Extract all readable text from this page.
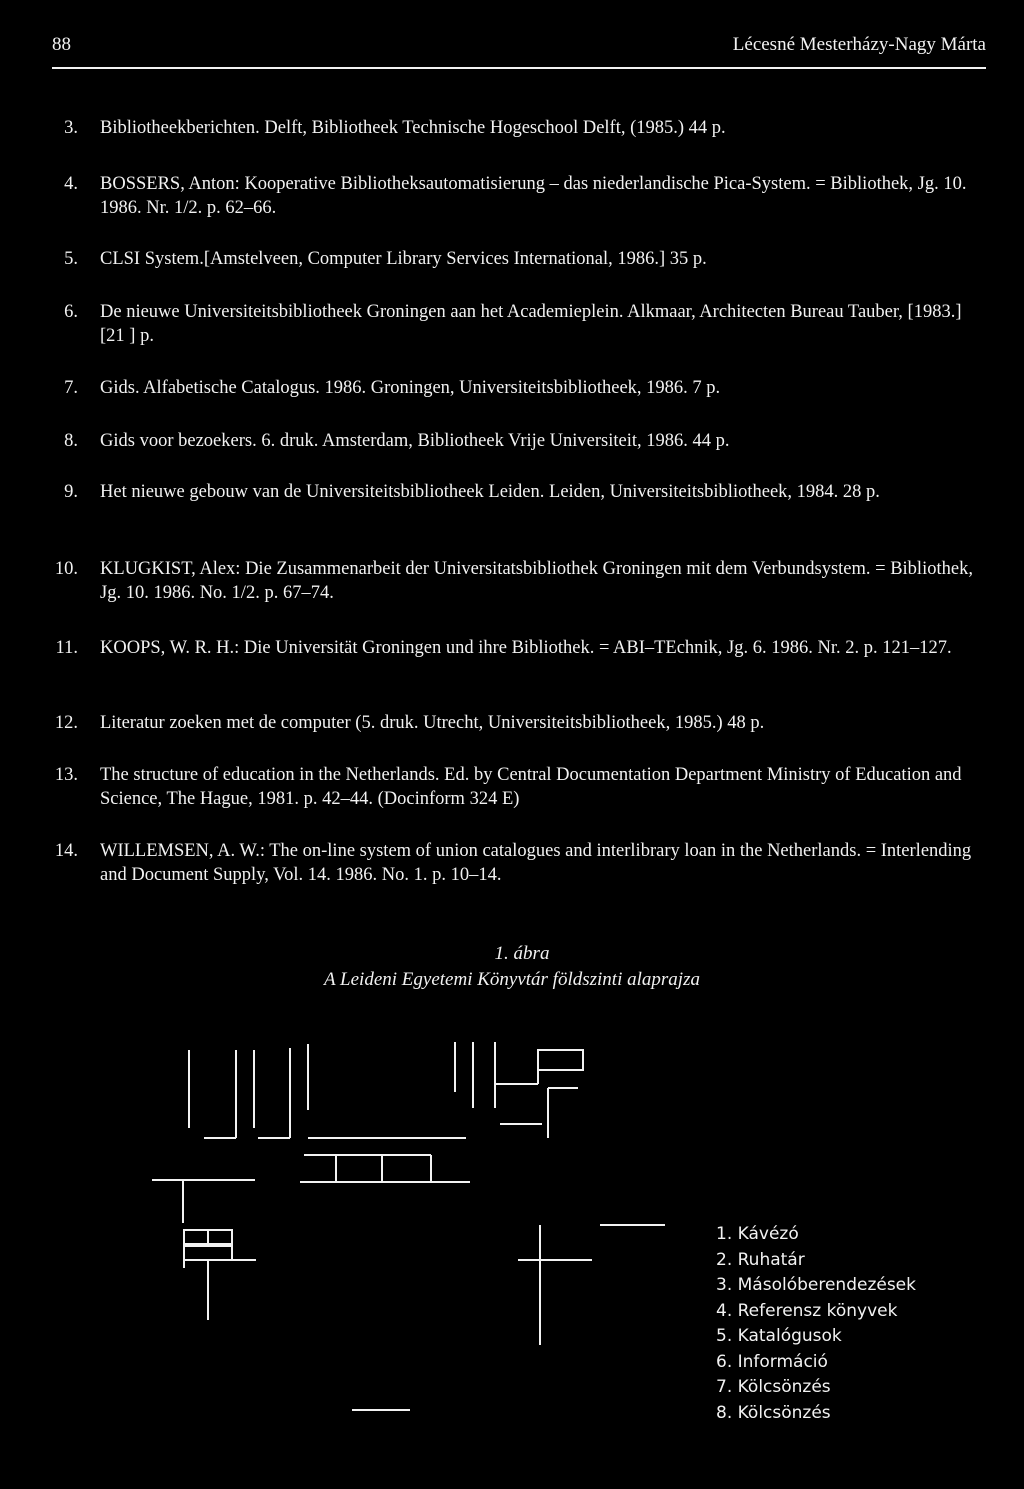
88	Lécesné Mesterházy-Nagy Márta
3. Bibliotheekberichten. Delft, Bibliotheek Technische Hogeschool Delft, (1985.) 44 p.
4. BOSSERS, Anton: Kooperative Bibliotheksautomatisierung – das niederlandische Pica-System. = Bibliothek, Jg. 10. 1986. Nr. 1/2. p. 62–66.
5. CLSI System.[Amstelveen, Computer Library Services International, 1986.] 35 p.
6. De nieuwe Universiteitsbibliotheek Groningen aan het Academieplein. Alkmaar, Architecten Bureau Tauber, [1983.] [21 ] p.
7. Gids. Alfabetische Catalogus. 1986. Groningen, Universiteitsbibliotheek, 1986. 7 p.
8. Gids voor bezoekers. 6. druk. Amsterdam, Bibliotheek Vrije Universiteit, 1986. 44 p.
9. Het nieuwe gebouw van de Universiteitsbibliotheek Leiden. Leiden, Universiteitsbibliotheek, 1984. 28 p.
10. KLUGKIST, Alex: Die Zusammenarbeit der Universitatsbibliothek Groningen mit dem Verbundsystem. = Bibliothek, Jg. 10. 1986. No. 1/2. p. 67–74.
11. KOOPS, W. R. H.: Die Universität Groningen und ihre Bibliothek. = ABI–TEchnik, Jg. 6. 1986. Nr. 2. p. 121–127.
12. Literatur zoeken met de computer (5. druk. Utrecht, Universiteitsbibliotheek, 1985.) 48 p.
13. The structure of education in the Netherlands. Ed. by Central Documentation Department Ministry of Education and Science, The Hague, 1981. p. 42–44. (Docinform 324 E)
14. WILLEMSEN, A. W.: The on-line system of union catalogues and interlibrary loan in the Netherlands. = Interlending and Document Supply, Vol. 14. 1986. No. 1. p. 10–14.
1. ábra
A Leideni Egyetemi Könyvtár földszinti alaprajza
1. Kávézó
2. Ruhatár
3. Másolóberendezések
4. Referensz könyvek
5. Katalógusok
6. Információ
7. Kölcsönzés
8. Kölcsönzés
